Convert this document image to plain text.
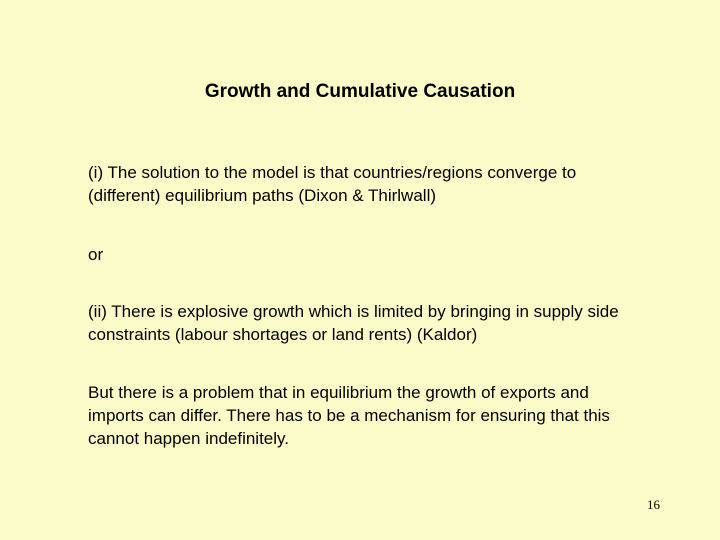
Growth and Cumulative Causation
(i) The solution to the model is that countries/regions converge to (different) equilibrium paths (Dixon & Thirlwall)
or
(ii) There is explosive growth which is limited by bringing in supply side constraints (labour shortages or land rents) (Kaldor)
But there is a problem that in equilibrium the growth of exports and imports can differ. There has to be a mechanism for ensuring that this cannot happen indefinitely.
16
